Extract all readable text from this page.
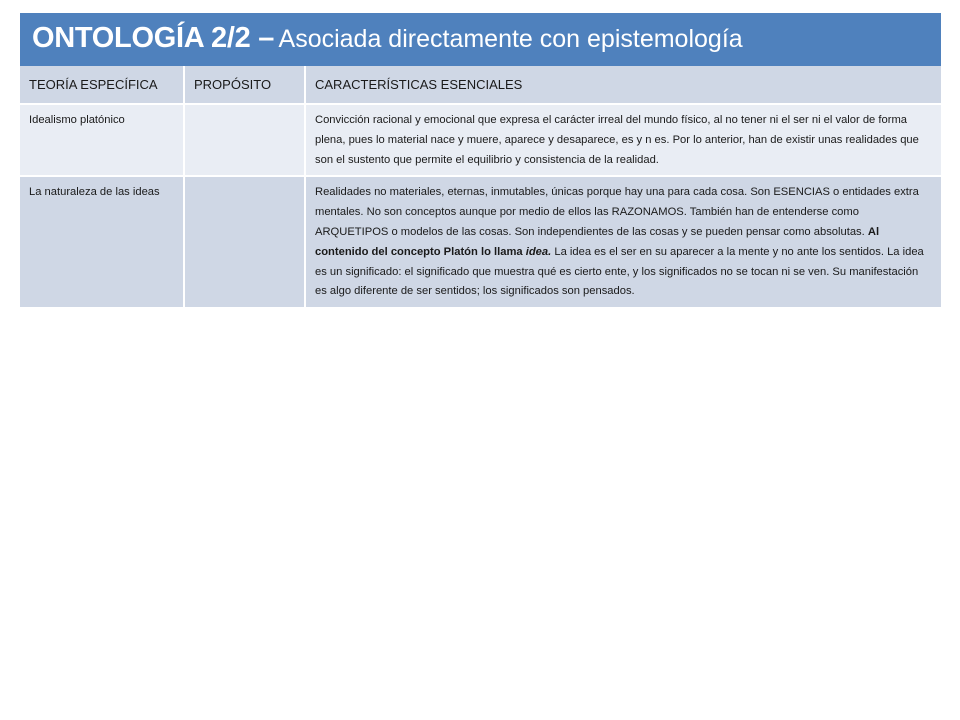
ONTOLOGÍA 2/2 – Asociada directamente con epistemología
TEORÍA ESPECÍFICA	PROPÓSITO	CARACTERÍSTICAS ESENCIALES
Idealismo platónico		Convicción racional y emocional que expresa el carácter irreal del mundo físico, al no tener ni el ser ni el valor de forma plena, pues lo material nace y muere, aparece y desaparece, es y n es. Por lo anterior, han de existir unas realidades que son el sustento que permite el equilibrio y consistencia de la realidad.
La naturaleza de las ideas		Realidades no materiales, eternas, inmutables, únicas porque hay una para cada cosa. Son ESENCIAS o entidades extra mentales. No son conceptos aunque por medio de ellos las RAZONAMOS. También han de entenderse como ARQUETIPOS o modelos de las cosas. Son independientes de las cosas y se pueden pensar como absolutas. Al contenido del concepto Platón lo llama idea. La idea es el ser en su aparecer a la mente y no ante los sentidos. La idea es un significado: el significado que muestra qué es cierto ente, y los significados no se tocan ni se ven. Su manifestación es algo diferente de ser sentidos; los significados son pensados.
